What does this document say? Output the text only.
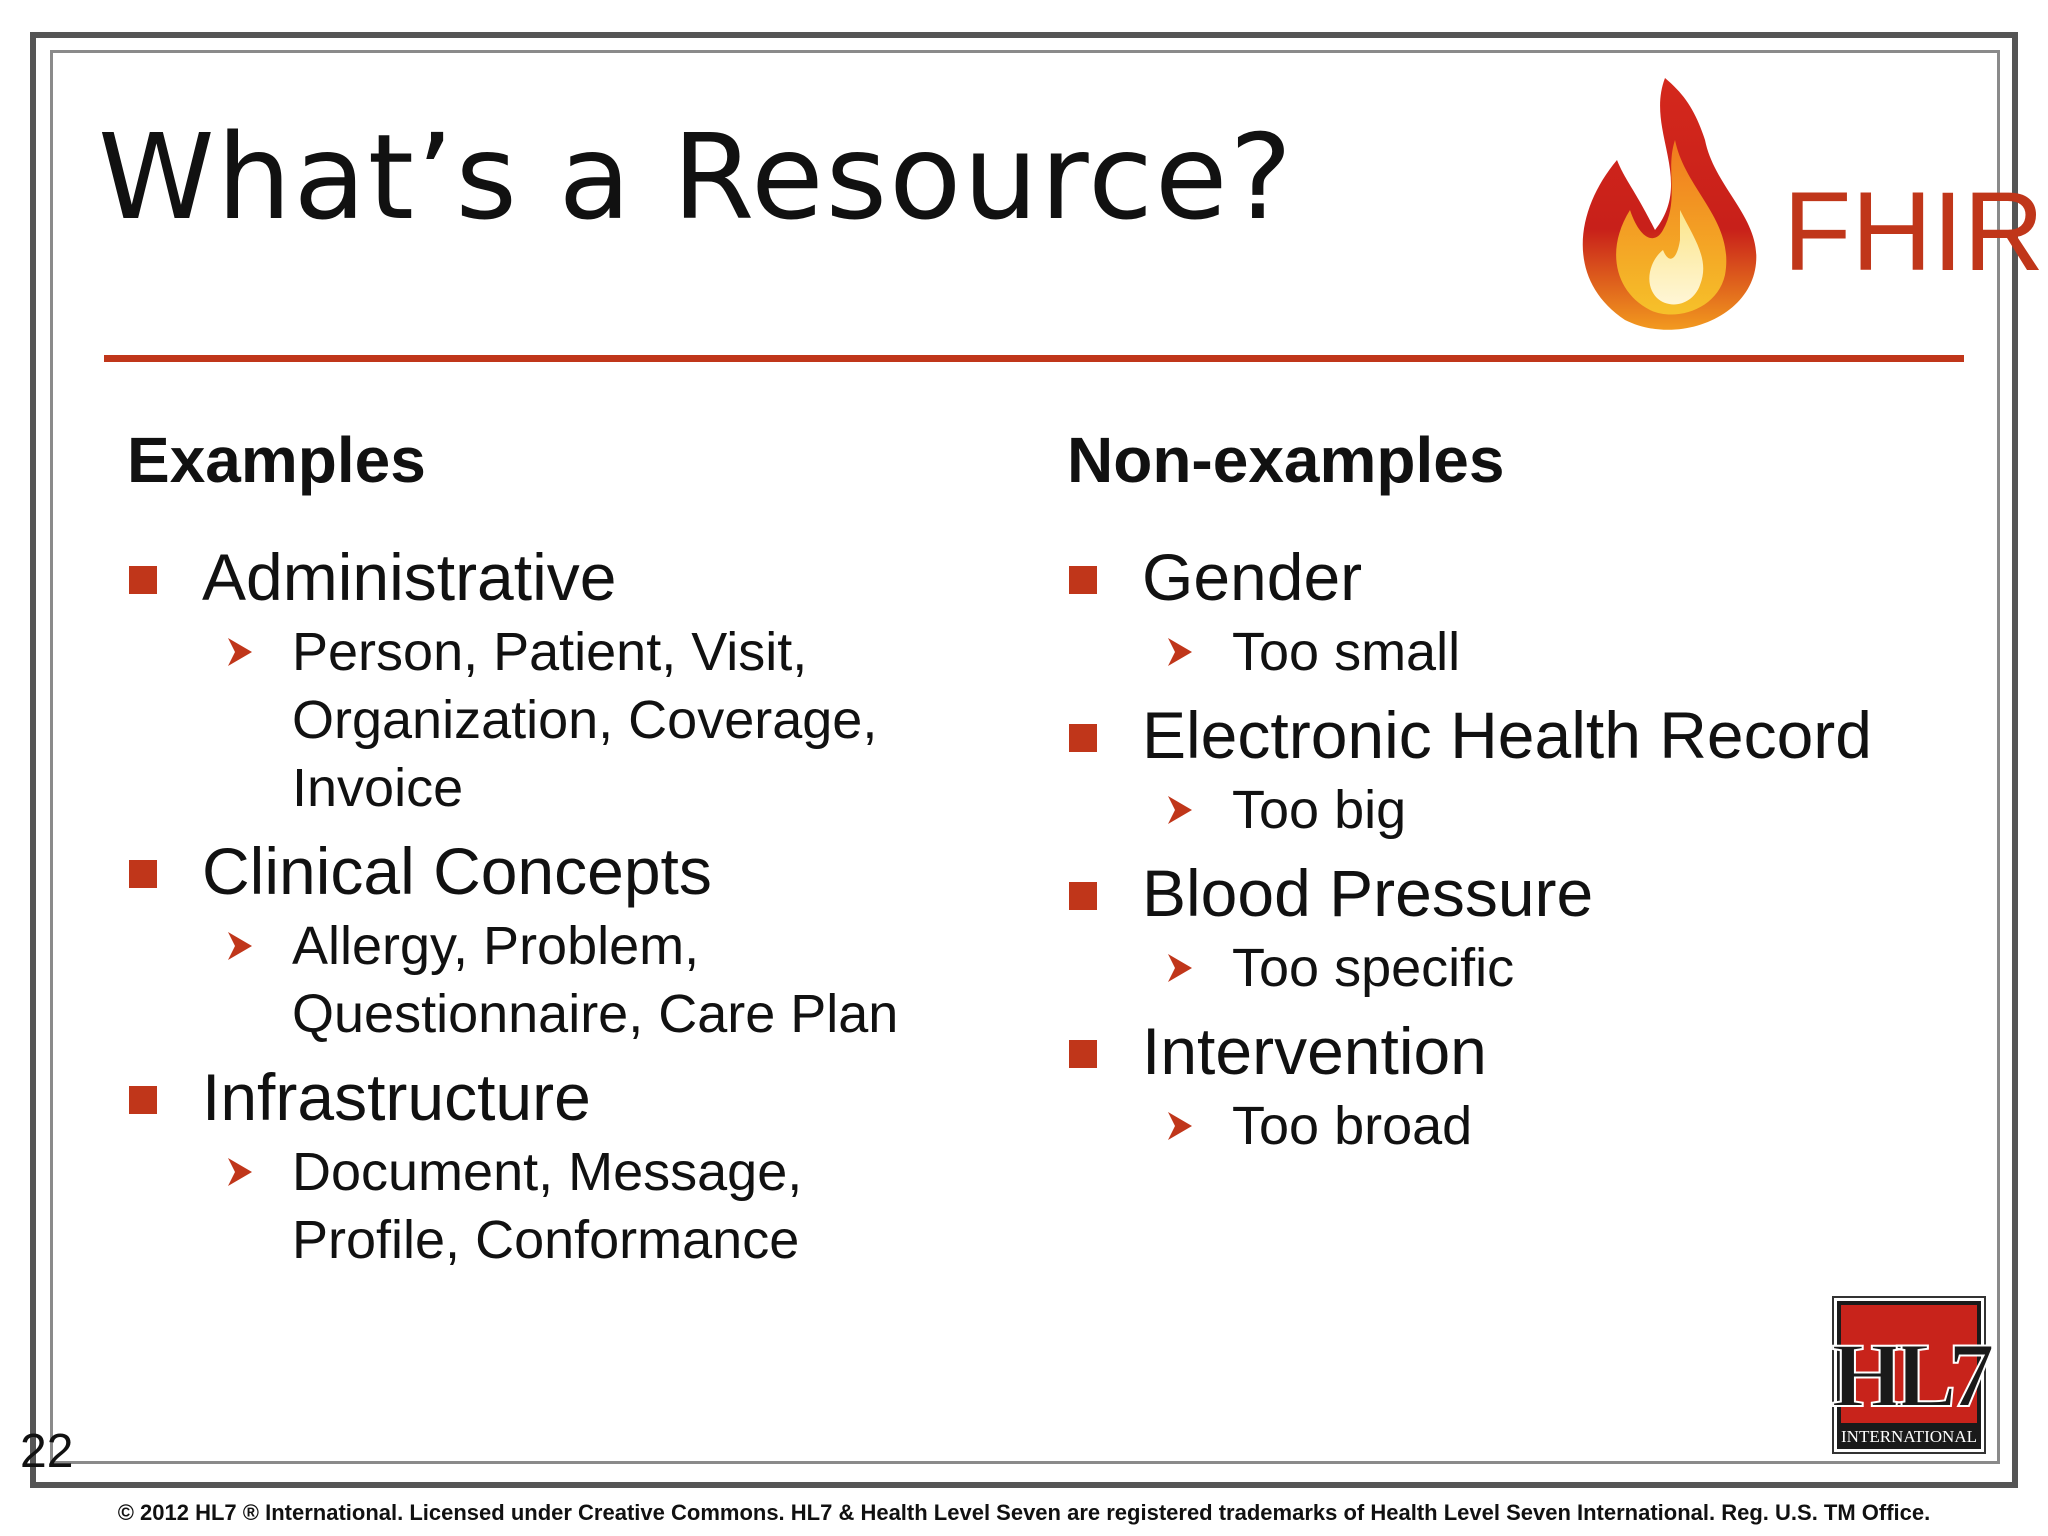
What’s a Resource?	FHIR
Examples
Administrative
Person, Patient, Visit,
Organization, Coverage,
Invoice
Clinical Concepts
Allergy, Problem,
Questionnaire, Care Plan
Infrastructure
Document, Message,
Profile, Conformance
Non-examples
Gender
Too small
Electronic Health Record
Too big
Blood Pressure
Too specific
Intervention
Too broad
HL7
INTERNATIONAL
22
© 2012 HL7 ® International. Licensed under Creative Commons. HL7 & Health Level Seven are registered trademarks of Health Level Seven International. Reg. U.S. TM Office.
